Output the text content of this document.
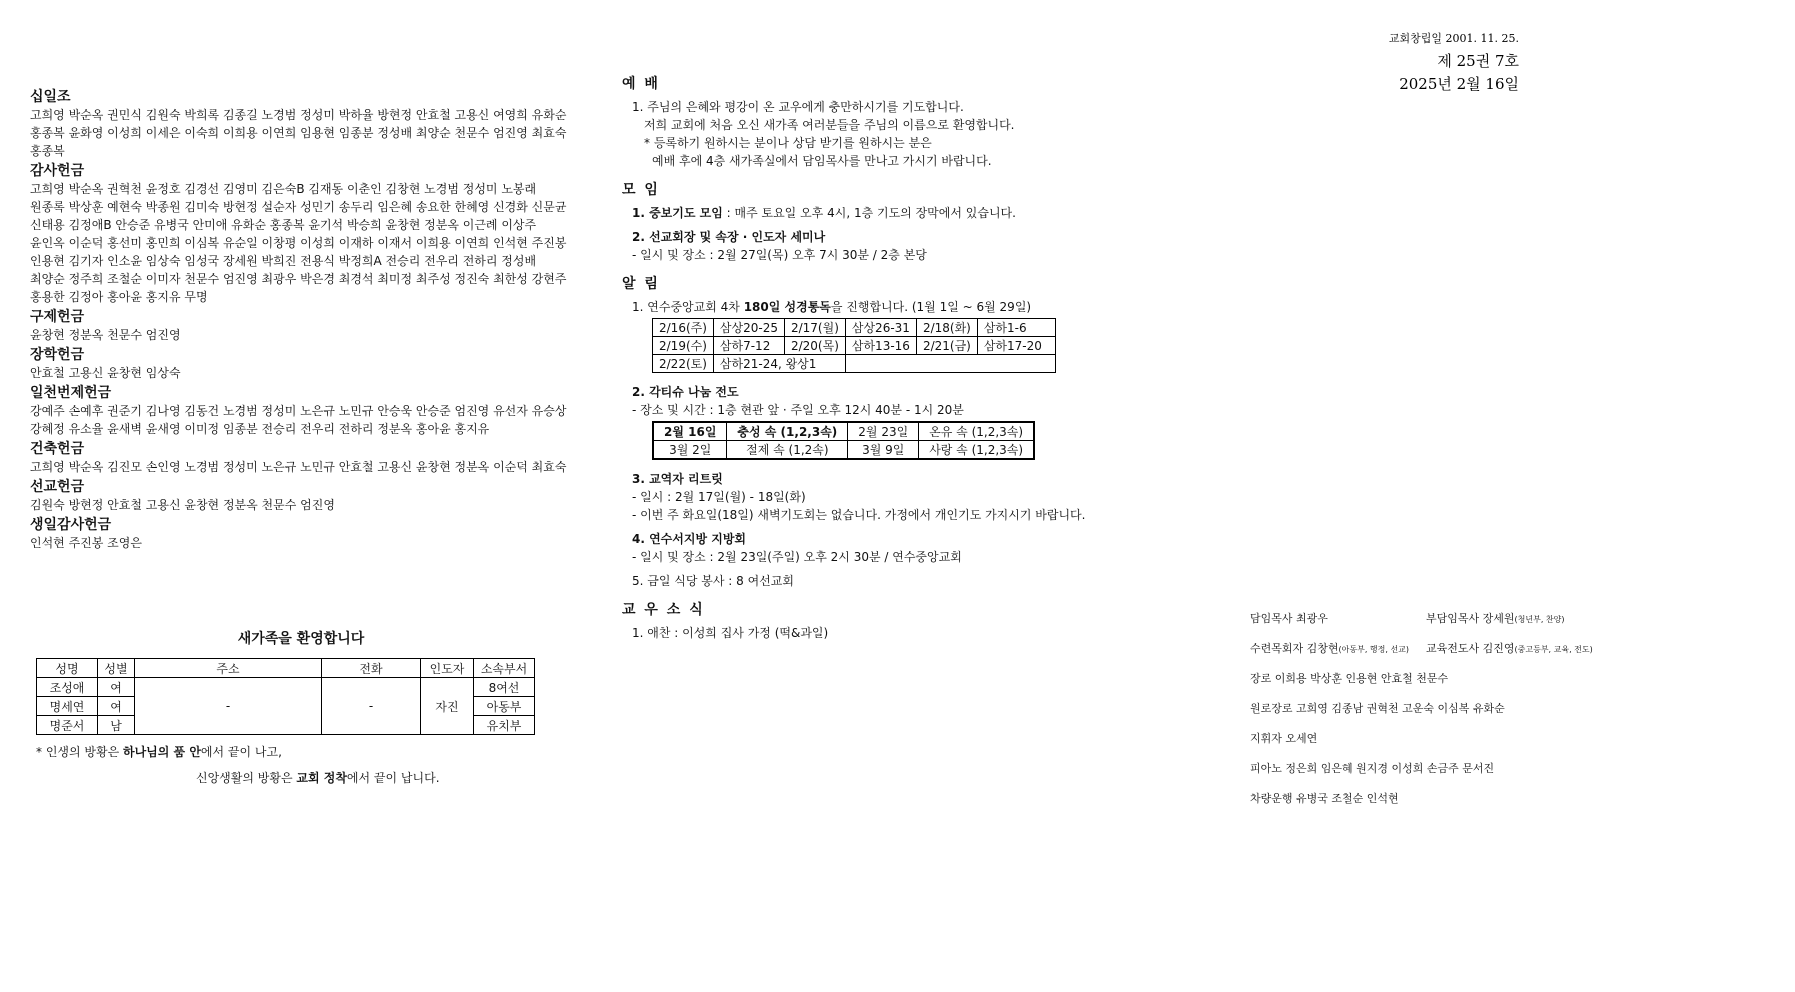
교회창립일 2001. 11. 25.
제 25권 7호
2025년 2월 16일

십일조

고희영 박순옥 권민식 김원숙 박희록 김종길 노경범 정성미 박하율 방현정 안효철 고용신 여영희 유화순 홍종복 윤화영 이성희 이세은 이숙희 이희용 이연희 임용현 임종분 정성배 최양순 천문수 엄진영 최효숙 홍종복

감사헌금

고희영 박순옥 권혁천 윤정호 김경선 김영미 김은숙B 김재동 이춘인 김창현 노경범 정성미 노봉래 원종록 박상훈 예현숙 박종원 김미숙 방현정 설순자 성민기 송두리 임은혜 송요한 한혜영 신경화 신문균 신태용 김정애B 안승준 유병국 안미애 유화순 홍종복 윤기석 박승희 윤창현 정분옥 이근례 이상주 윤인옥 이순덕 홍선미 홍민희 이심복 유순일 이창평 이성희 이재하 이재서 이희용 이연희 인석현 주진봉 인용현 김기자 인소윤 임상숙 임성국 장세원 박희진 전용식 박정희A 전승리 전우리 전하리 정성배 최양순 정주희 조철순 이미자 천문수 엄진영 최광우 박은경 최경석 최미정 최주성 정진숙 최한성 강현주 홍용한 김정아 홍아윤 홍지유 무명

구제헌금

윤창현 정분옥 천문수 엄진영

장학헌금

안효철 고용신 윤창현 임상숙

일천번제헌금

강예주 손예후 권준기 김나영 김동건 노경범 정성미 노은규 노민규 안승욱 안승준 엄진영 유선자 유승상 강혜정 유소율 윤새벽 윤새영 이미정 임종분 전승리 전우리 전하리 정분옥 홍아윤 홍지유

건축헌금

고희영 박순옥 김진모 손인영 노경범 정성미 노은규 노민규 안효철 고용신 윤창현 정분옥 이순덕 최효숙

선교헌금

김원숙 방현정 안효철 고용신 윤창현 정분옥 천문수 엄진영

생일감사헌금

인석현 주진봉 조영은

새가족을 환영합니다

성명	성별	주소	전화	인도자	소속부서
조성애	여	-	-	자진	8여선
명세연	여				아동부
명준서	남				유치부
* 인생의 방황은 하나님의 품 안에서 끝이 나고,
신앙생활의 방황은 교회 정착에서 끝이 납니다.

예 배

1. 주님의 은혜와 평강이 온 교우에게 충만하시기를 기도합니다.

저희 교회에 처음 오신 새가족 여러분들을 주님의 이름으로 환영합니다.

* 등록하기 원하시는 분이나 상담 받기를 원하시는 분은

예배 후에 4층 새가족실에서 담임목사를 만나고 가시기 바랍니다.

모 임

1. 중보기도 모임 : 매주 토요일 오후 4시, 1층 기도의 장막에서 있습니다.

2. 선교회장 및 속장 · 인도자 세미나

- 일시 및 장소 : 2월 27일(목) 오후 7시 30분 / 2층 본당

알 림

1. 연수중앙교회 4차 180일 성경통독을 진행합니다. (1월 1일 ~ 6월 29일)

2/16(주)	삼상20-25	2/17(월)	삼상26-31	2/18(화)	삼하1-6
2/19(수)	삼하7-12	2/20(목)	삼하13-16	2/21(금)	삼하17-20
2/22(토)	삼하21-24, 왕상1				

2. 각티슈 나눔 전도

- 장소 및 시간 : 1층 현관 앞 · 주일 오후 12시 40분 - 1시 20분

2월 16일	충성 속 (1,2,3속)	2월 23일	온유 속 (1,2,3속)
3월 2일	절제 속 (1,2속)	3월 9일	사랑 속 (1,2,3속)

3. 교역자 리트릿

- 일시 : 2월 17일(월) - 18일(화)

- 이번 주 화요일(18일) 새벽기도회는 없습니다. 가정에서 개인기도 가지시기 바랍니다.

4. 연수서지방 지방회

- 일시 및 장소 : 2월 23일(주일) 오후 2시 30분 / 연수중앙교회

5. 금일 식당 봉사 : 8 여선교회

교 우 소 식

1. 애찬 : 이성희 집사 가정 (떡&과일)

담임목사 최광우	부담임목사 장세원(청년부, 찬양)
수련목회자 김창현(아동부, 행정, 선교) 교육전도사 김진영(중고등부, 교육, 전도)
장로 이희용 박상훈 인용현 안효철 천문수
원로장로 고희영 김종남 권혁천 고운숙 이심복 유화순
지휘자 오세연
피아노 정은희 임은혜 원지경 이성희 손금주 문서진
차량운행 유병국 조철순 인석현
